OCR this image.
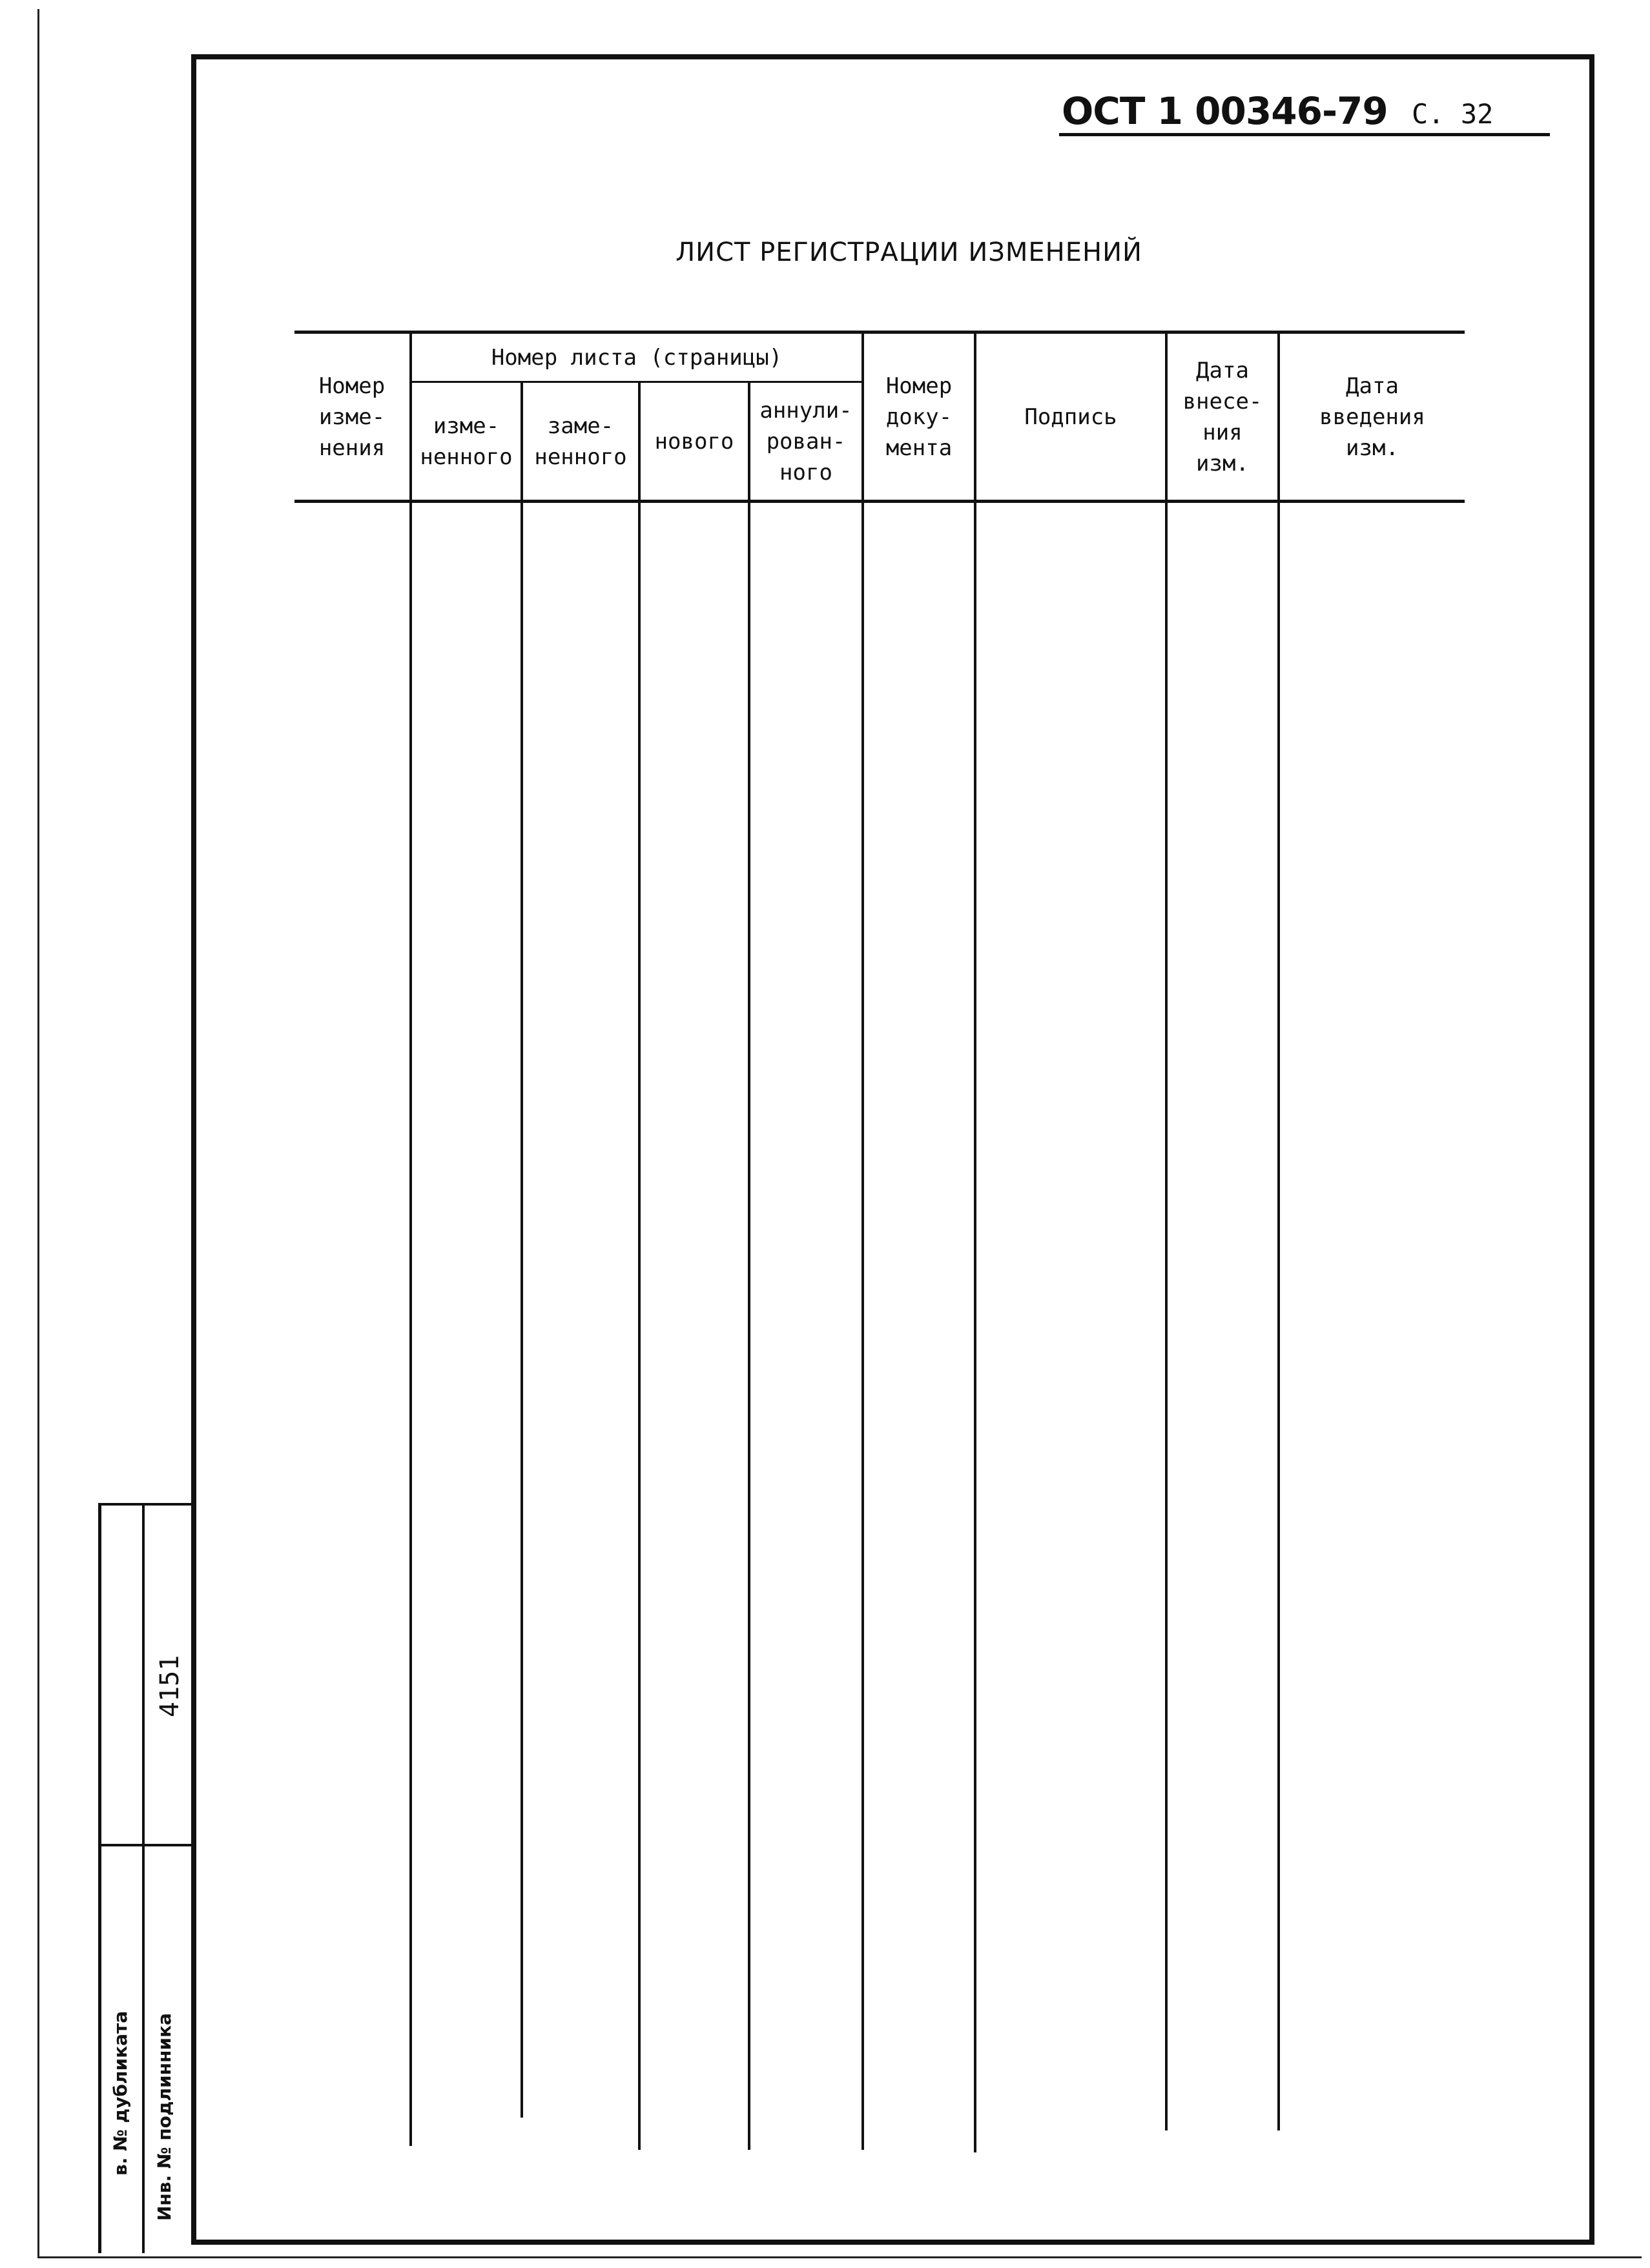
ОСТ 1 00346-79 С. 32
ЛИСТ РЕГИСТРАЦИИ ИЗМЕНЕНИЙ
Номер
изме-
нения
Номер листа (страницы)
изме-
ненного
заме-
ненного
нового
аннули-
рован-
ного
Номер
доку-
мента
Подпись
Дата
внесе-
ния
изм.
Дата
введения
изм.
4151
в. № дубликата Инв. № подлинника
